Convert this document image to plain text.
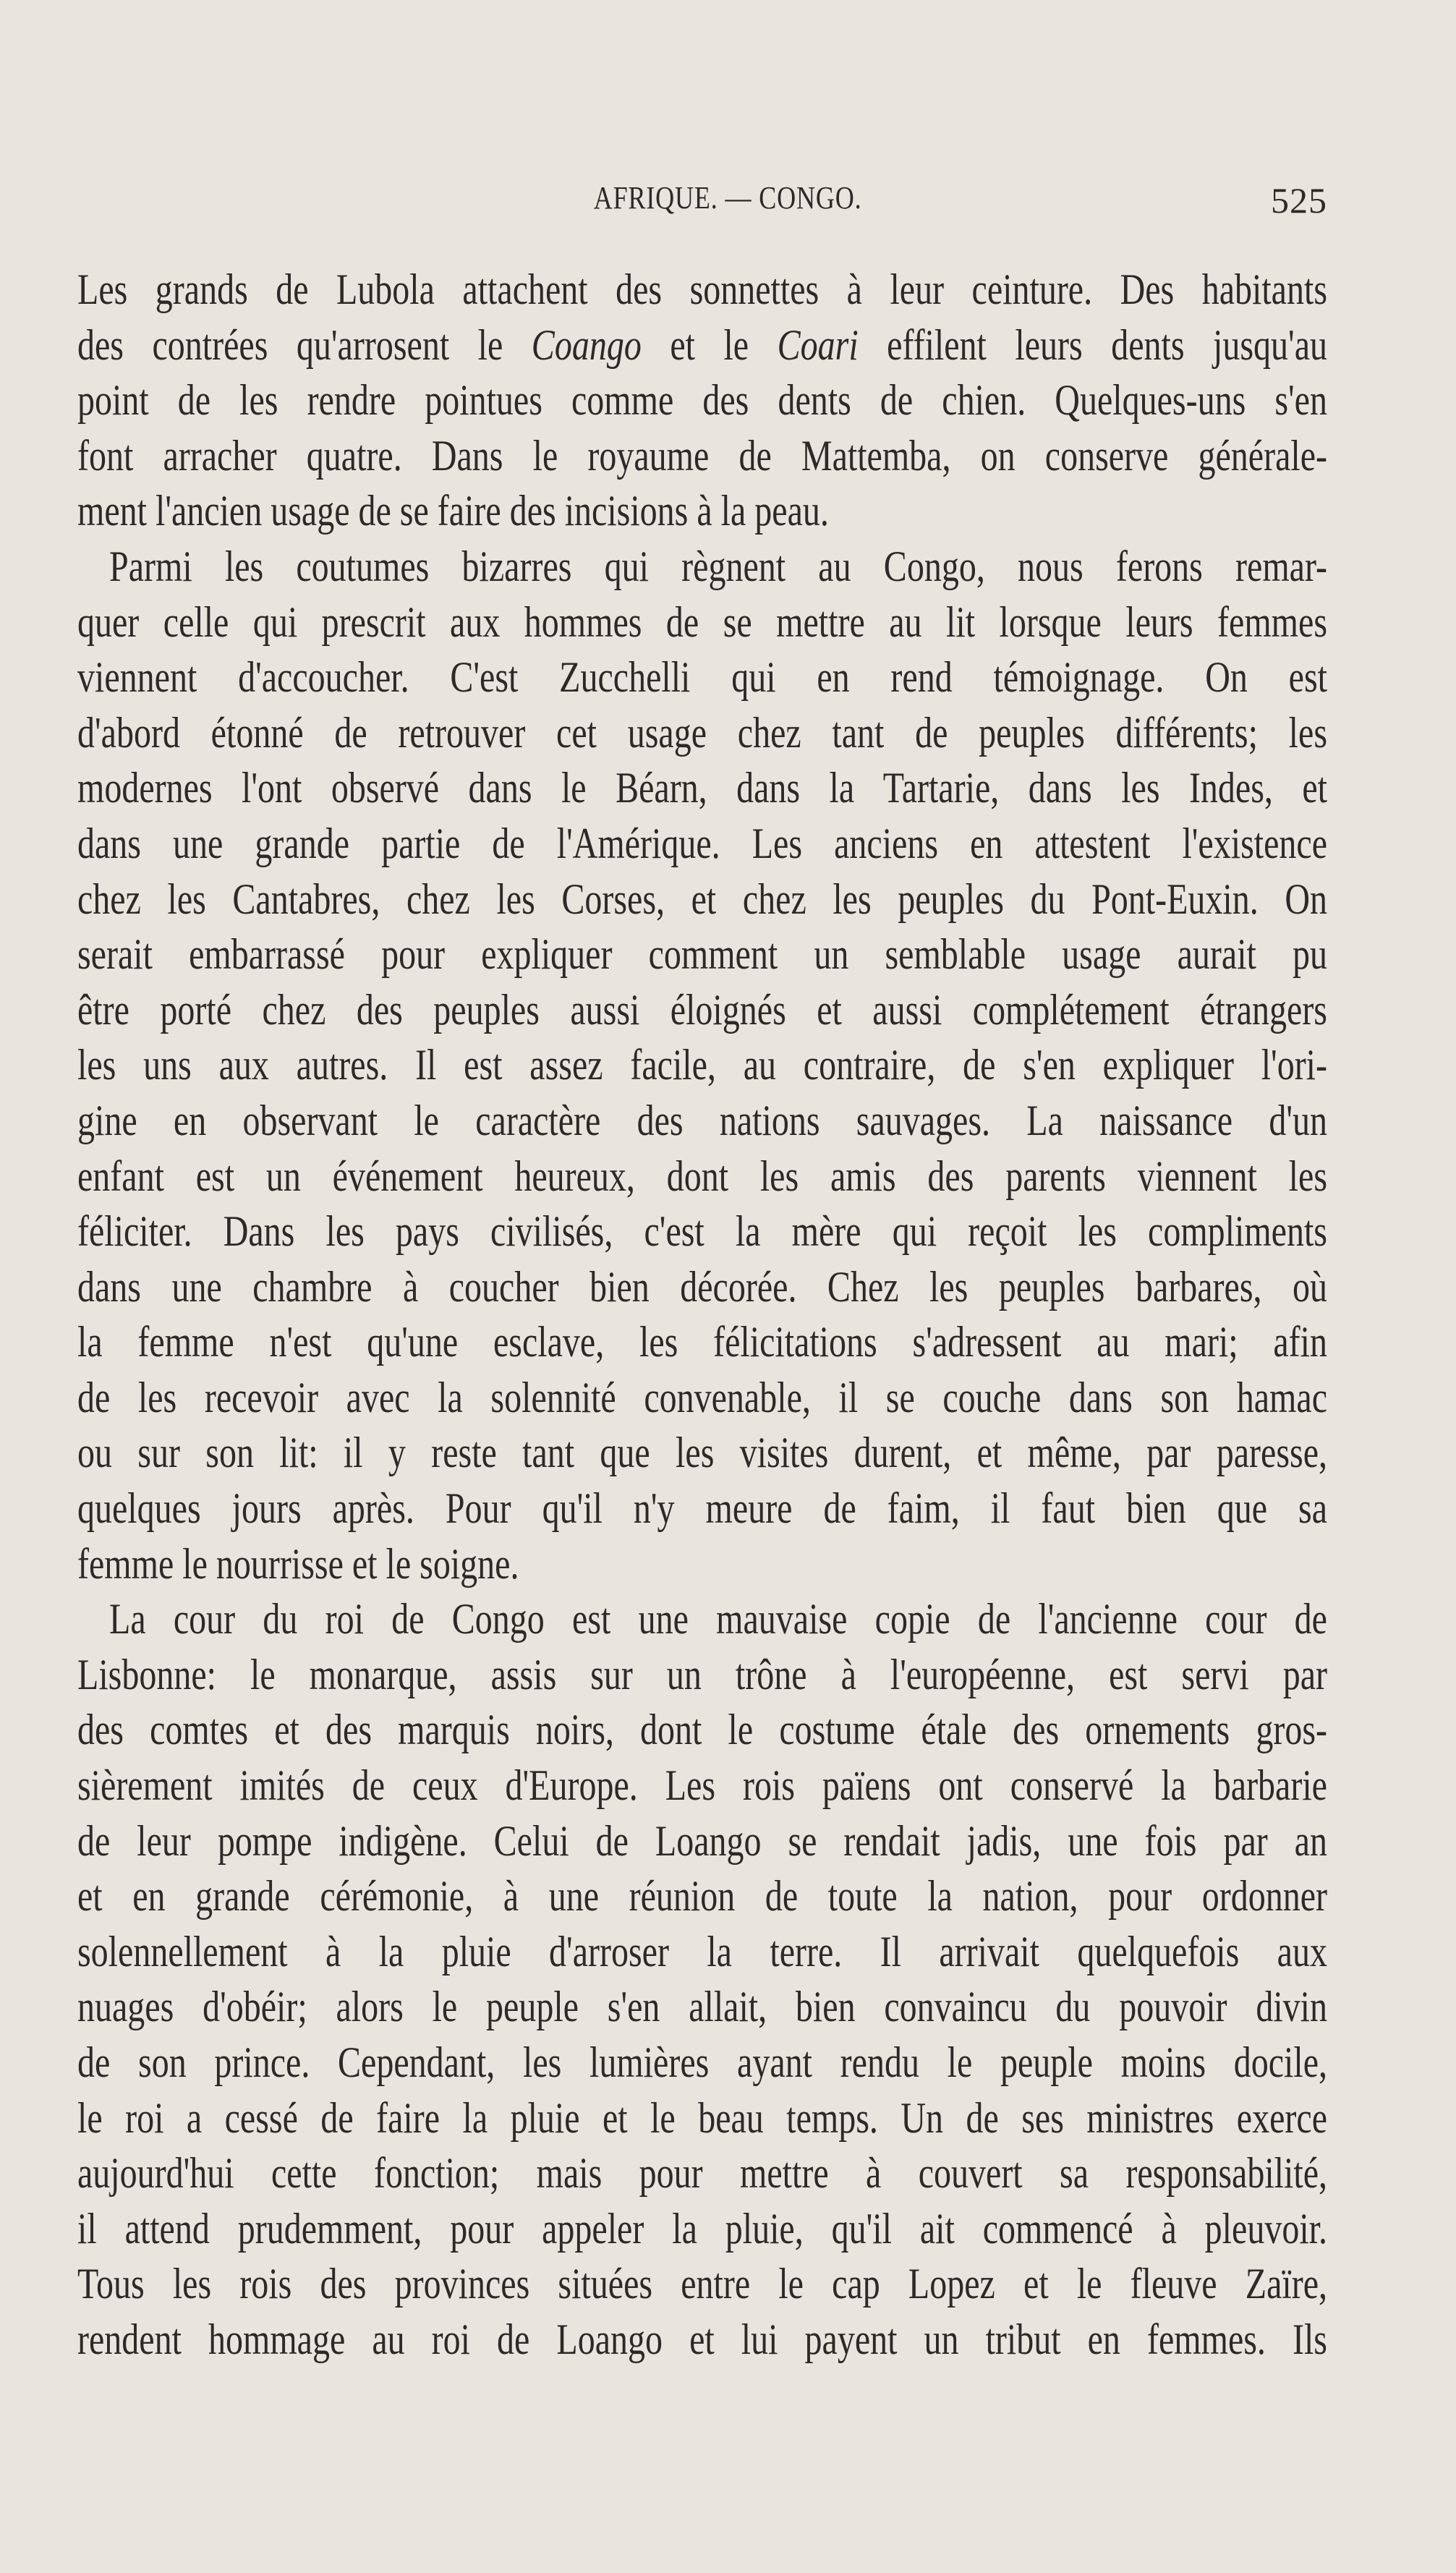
AFRIQUE. — CONGO.	525
Les grands de Lubola attachent des sonnettes à leur ceinture. Des habitants
des contrées qu'arrosent le Coango et le Coari effilent leurs dents jusqu'au
point de les rendre pointues comme des dents de chien. Quelques-uns s'en
font arracher quatre. Dans le royaume de Mattemba, on conserve générale-
ment l'ancien usage de se faire des incisions à la peau.
Parmi les coutumes bizarres qui règnent au Congo, nous ferons remar-
quer celle qui prescrit aux hommes de se mettre au lit lorsque leurs femmes
viennent d'accoucher. C'est Zucchelli qui en rend témoignage. On est
d'abord étonné de retrouver cet usage chez tant de peuples différents; les
modernes l'ont observé dans le Béarn, dans la Tartarie, dans les Indes, et
dans une grande partie de l'Amérique. Les anciens en attestent l'existence
chez les Cantabres, chez les Corses, et chez les peuples du Pont-Euxin. On
serait embarrassé pour expliquer comment un semblable usage aurait pu
être porté chez des peuples aussi éloignés et aussi complétement étrangers
les uns aux autres. Il est assez facile, au contraire, de s'en expliquer l'ori-
gine en observant le caractère des nations sauvages. La naissance d'un
enfant est un événement heureux, dont les amis des parents viennent les
féliciter. Dans les pays civilisés, c'est la mère qui reçoit les compliments
dans une chambre à coucher bien décorée. Chez les peuples barbares, où
la femme n'est qu'une esclave, les félicitations s'adressent au mari; afin
de les recevoir avec la solennité convenable, il se couche dans son hamac
ou sur son lit: il y reste tant que les visites durent, et même, par paresse,
quelques jours après. Pour qu'il n'y meure de faim, il faut bien que sa
femme le nourrisse et le soigne.
La cour du roi de Congo est une mauvaise copie de l'ancienne cour de
Lisbonne: le monarque, assis sur un trône à l'européenne, est servi par
des comtes et des marquis noirs, dont le costume étale des ornements gros-
sièrement imités de ceux d'Europe. Les rois païens ont conservé la barbarie
de leur pompe indigène. Celui de Loango se rendait jadis, une fois par an
et en grande cérémonie, à une réunion de toute la nation, pour ordonner
solennellement à la pluie d'arroser la terre. Il arrivait quelquefois aux
nuages d'obéir; alors le peuple s'en allait, bien convaincu du pouvoir divin
de son prince. Cependant, les lumières ayant rendu le peuple moins docile,
le roi a cessé de faire la pluie et le beau temps. Un de ses ministres exerce
aujourd'hui cette fonction; mais pour mettre à couvert sa responsabilité,
il attend prudemment, pour appeler la pluie, qu'il ait commencé à pleuvoir.
Tous les rois des provinces situées entre le cap Lopez et le fleuve Zaïre,
rendent hommage au roi de Loango et lui payent un tribut en femmes. Ils
